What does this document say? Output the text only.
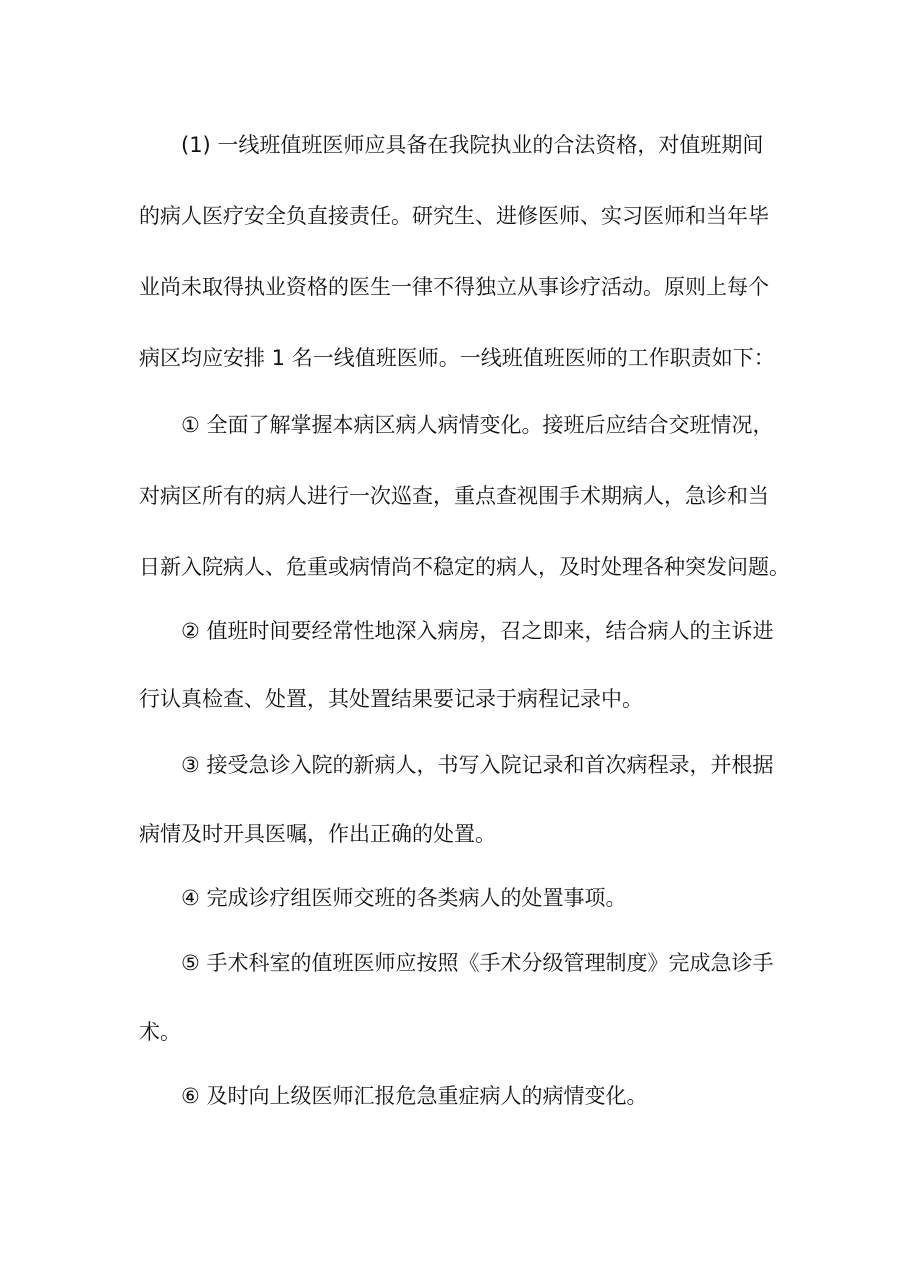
(1) 一线班值班医师应具备在我院执业的合法资格，对值班期间
的病人医疗安全负直接责任。研究生、进修医师、实习医师和当年毕
业尚未取得执业资格的医生一律不得独立从事诊疗活动。原则上每个
病区均应安排 1 名一线值班医师。一线班值班医师的工作职责如下：
① 全面了解掌握本病区病人病情变化。接班后应结合交班情况，
对病区所有的病人进行一次巡查，重点查视围手术期病人，急诊和当
日新入院病人、危重或病情尚不稳定的病人，及时处理各种突发问题。
② 值班时间要经常性地深入病房，召之即来，结合病人的主诉进
行认真检查、处置，其处置结果要记录于病程记录中。
③ 接受急诊入院的新病人，书写入院记录和首次病程录，并根据
病情及时开具医嘱，作出正确的处置。
④ 完成诊疗组医师交班的各类病人的处置事项。
⑤ 手术科室的值班医师应按照《手术分级管理制度》完成急诊手
术。
⑥ 及时向上级医师汇报危急重症病人的病情变化。
